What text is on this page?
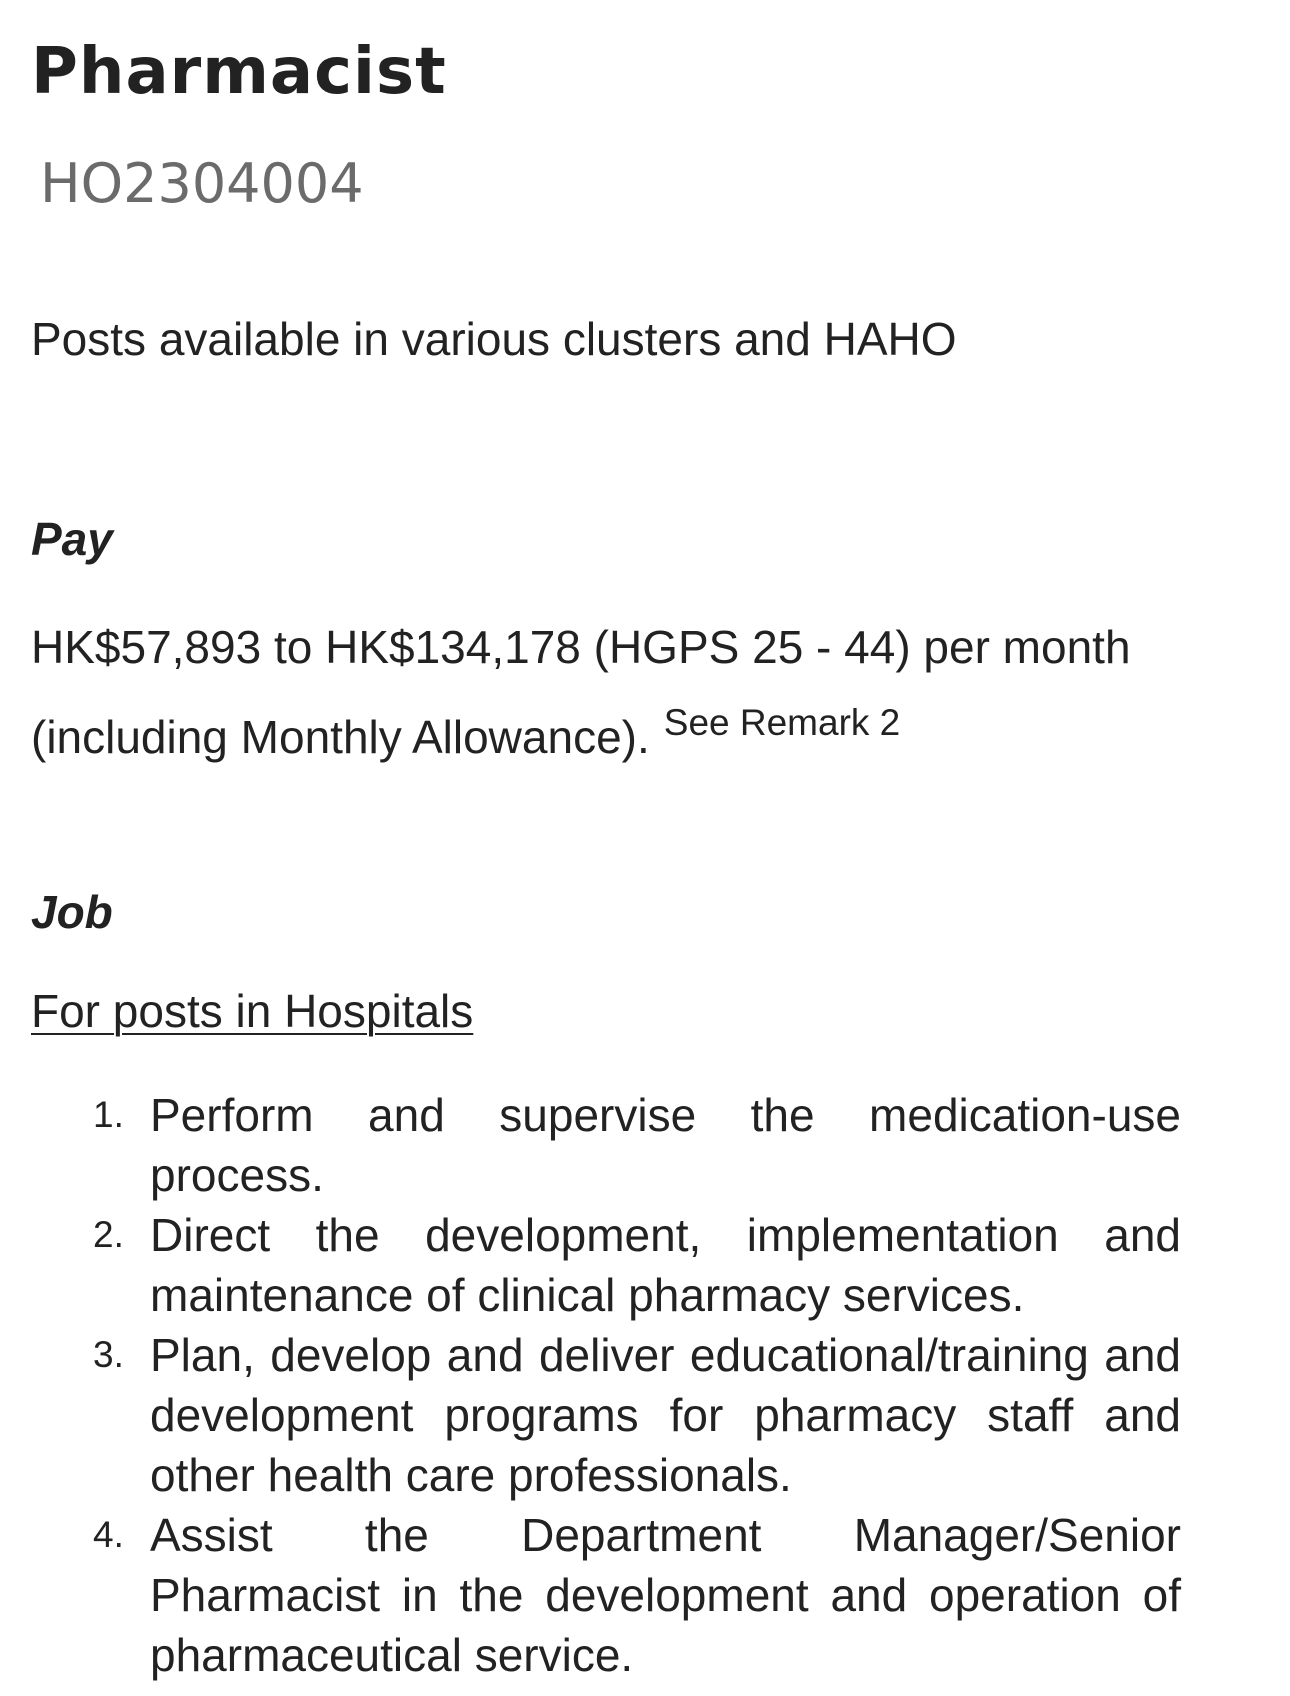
Pharmacist
HO2304004
Posts available in various clusters and HAHO
Pay

HK$57,893 to HK$134,178 (HGPS 25 - 44) per month
(including Monthly Allowance). $^{See Remark 2}$

Job
For posts in Hospitals
1. Perform and supervise the medication-use process.
2. Direct the development, implementation and maintenance of clinical pharmacy services.
3. Plan, develop and deliver educational/training and development programs for pharmacy staff and other health care professionals.
4. Assist the Department Manager/Senior Pharmacist in the development and operation of pharmaceutical service.
